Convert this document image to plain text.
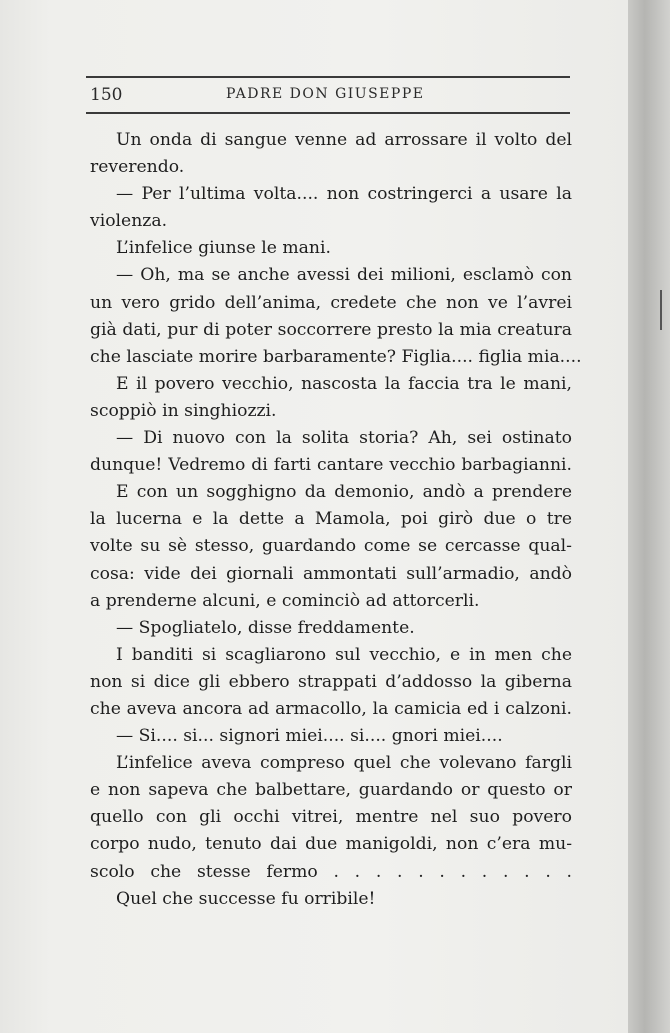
150	PADRE DON GIUSEPPE
Un onda di sangue venne ad arrossare il volto del
reverendo.
— Per l’ultima volta.... non costringerci a usare la
violenza.
L’infelice giunse le mani.
— Oh, ma se anche avessi dei milioni, esclamò con
un vero grido dell’anima, credete che non ve l’avrei
già dati, pur di poter soccorrere presto la mia creatura
che lasciate morire barbaramente? Figlia.... figlia mia....
E il povero vecchio, nascosta la faccia tra le mani,
scoppiò in singhiozzi.
— Di nuovo con la solita storia? Ah, sei ostinato
dunque! Vedremo di farti cantare vecchio barbagianni.
E con un sogghigno da demonio, andò a prendere
la lucerna e la dette a Mamola, poi girò due o tre
volte su sè stesso, guardando come se cercasse qual-
cosa: vide dei giornali ammontati sull’armadio, andò
a prenderne alcuni, e cominciò ad attorcerli.
— Spogliatelo, disse freddamente.
I banditi si scagliarono sul vecchio, e in men che
non si dice gli ebbero strappati d’addosso la giberna
che aveva ancora ad armacollo, la camicia ed i calzoni.
— Si.... si... signori miei.... si.... gnori miei....
L’infelice aveva compreso quel che volevano fargli
e non sapeva che balbettare, guardando or questo or
quello con gli occhi vitrei, mentre nel suo povero
corpo nudo, tenuto dai due manigoldi, non c’era mu-
scolo che stesse fermo . . . . . . . . . . . .
Quel che successe fu orribile!
